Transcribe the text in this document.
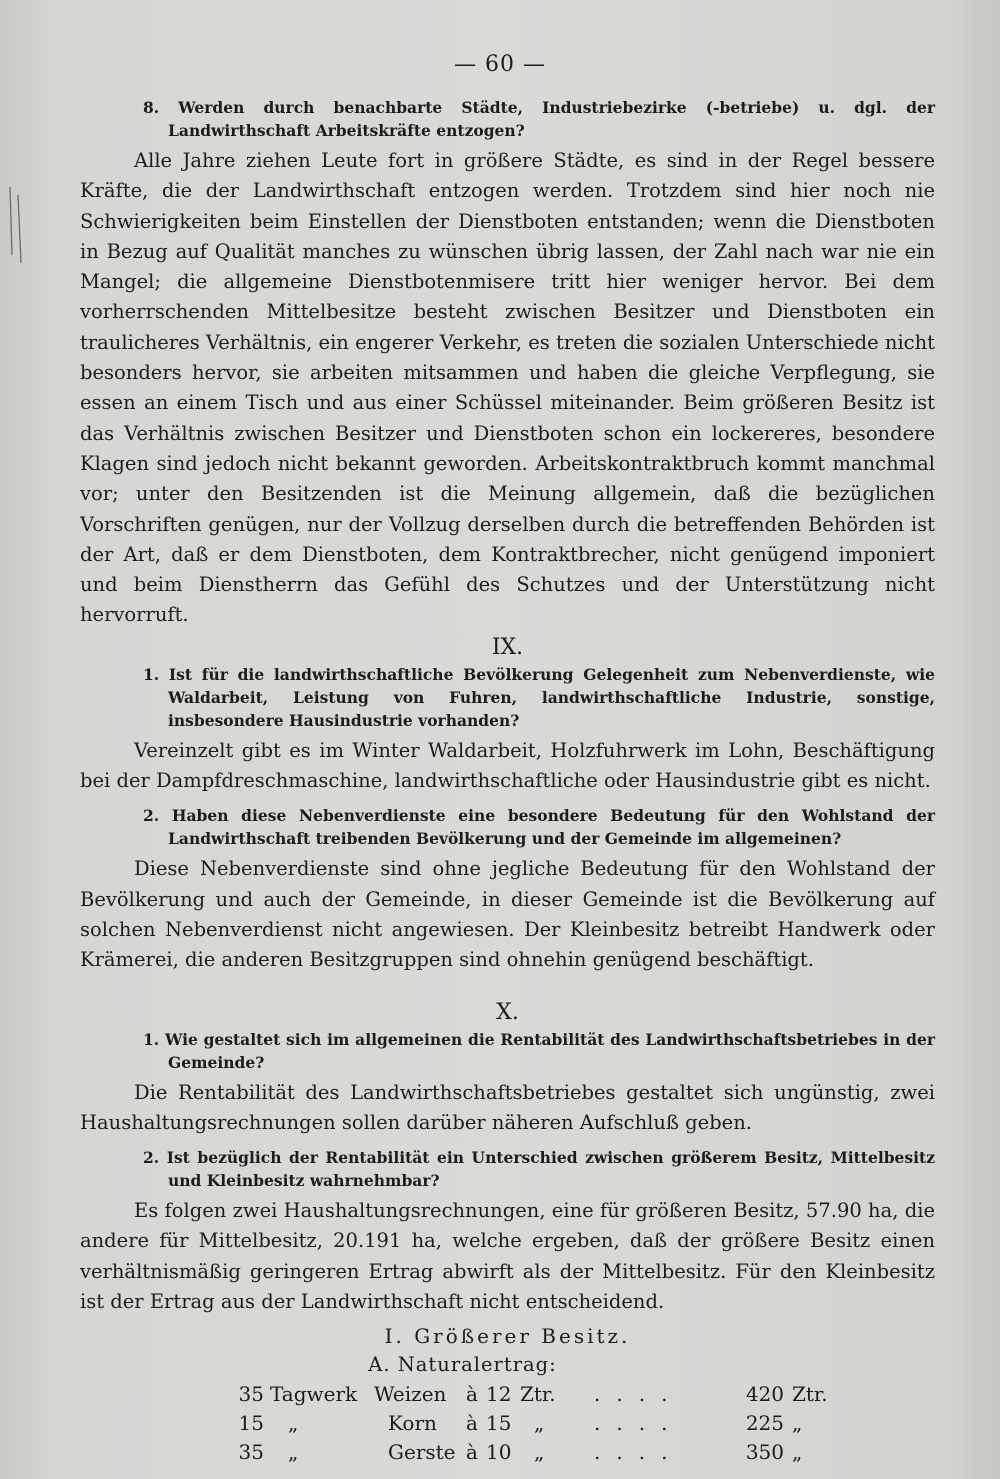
— 60 —

8. Werden durch benachbarte Städte, Industriebezirke (-betriebe) u. dgl. der Landwirthschaft Arbeitskräfte entzogen?

Alle Jahre ziehen Leute fort in größere Städte, es sind in der Regel bessere Kräfte, die der Landwirthschaft entzogen werden. Trotzdem sind hier noch nie Schwierigkeiten beim Einstellen der Dienstboten entstanden; wenn die Dienstboten in Bezug auf Qualität manches zu wünschen übrig lassen, der Zahl nach war nie ein Mangel; die allgemeine Dienstbotenmisere tritt hier weniger hervor. Bei dem vorherrschenden Mittelbesitze besteht zwischen Besitzer und Dienstboten ein traulicheres Verhältnis, ein engerer Verkehr, es treten die sozialen Unterschiede nicht besonders hervor, sie arbeiten mitsammen und haben die gleiche Verpflegung, sie essen an einem Tisch und aus einer Schüssel miteinander. Beim größeren Besitz ist das Verhältnis zwischen Besitzer und Dienstboten schon ein lockereres, besondere Klagen sind jedoch nicht bekannt geworden. Arbeitskontraktbruch kommt manchmal vor; unter den Besitzenden ist die Meinung allgemein, daß die bezüglichen Vorschriften genügen, nur der Vollzug derselben durch die betreffenden Behörden ist der Art, daß er dem Dienstboten, dem Kontraktbrecher, nicht genügend imponiert und beim Dienstherrn das Gefühl des Schutzes und der Unterstützung nicht hervorruft.

IX.

1. Ist für die landwirthschaftliche Bevölkerung Gelegenheit zum Nebenverdienste, wie Waldarbeit, Leistung von Fuhren, landwirthschaftliche Industrie, sonstige, insbesondere Hausindustrie vorhanden?

Vereinzelt gibt es im Winter Waldarbeit, Holzfuhrwerk im Lohn, Beschäftigung bei der Dampfdreschmaschine, landwirthschaftliche oder Hausindustrie gibt es nicht.

2. Haben diese Nebenverdienste eine besondere Bedeutung für den Wohlstand der Landwirthschaft treibenden Bevölkerung und der Gemeinde im allgemeinen?

Diese Nebenverdienste sind ohne jegliche Bedeutung für den Wohlstand der Bevölkerung und auch der Gemeinde, in dieser Gemeinde ist die Bevölkerung auf solchen Nebenverdienst nicht angewiesen. Der Kleinbesitz betreibt Handwerk oder Krämerei, die anderen Besitzgruppen sind ohnehin genügend beschäftigt.

X.

1. Wie gestaltet sich im allgemeinen die Rentabilität des Landwirthschaftsbetriebes in der Gemeinde?

Die Rentabilität des Landwirthschaftsbetriebes gestaltet sich ungünstig, zwei Haushaltungsrechnungen sollen darüber näheren Aufschluß geben.

2. Ist bezüglich der Rentabilität ein Unterschied zwischen größerem Besitz, Mittelbesitz und Kleinbesitz wahrnehmbar?

Es folgen zwei Haushaltungsrechnungen, eine für größeren Besitz, 57.90 ha, die andere für Mittelbesitz, 20.191 ha, welche ergeben, daß der größere Besitz einen verhältnismäßig geringeren Ertrag abwirft als der Mittelbesitz. Für den Kleinbesitz ist der Ertrag aus der Landwirthschaft nicht entscheidend.

I. Größerer Besitz.

A. Naturalertrag:

35	Tagwerk	Weizen	à	12	Ztr.	....	420	Ztr.
15	„	Korn	à	15	„	....	225	„
35	„	Gerste	à	10	„	....	350	„
